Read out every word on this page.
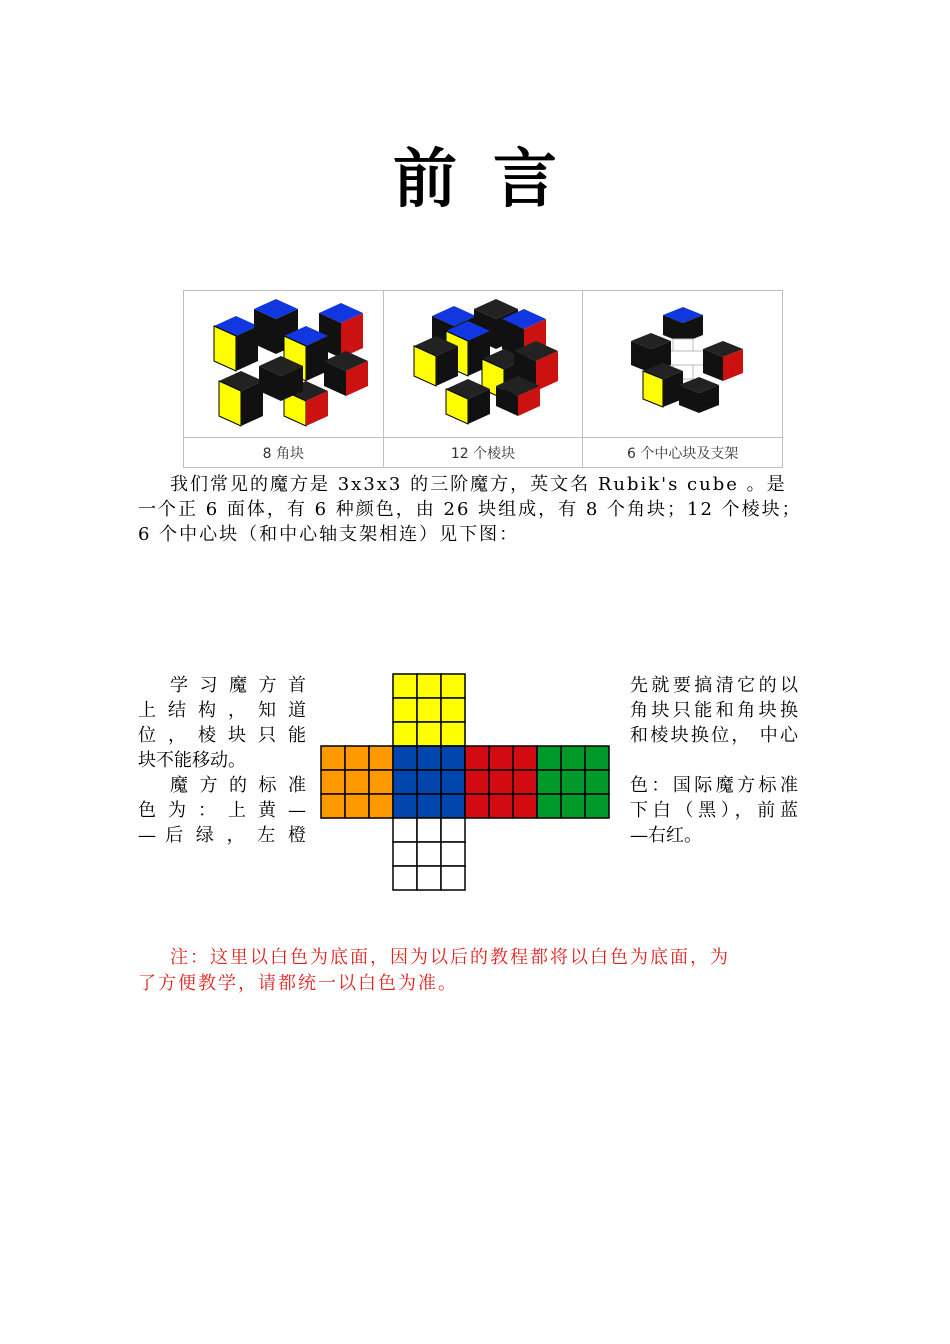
前言
8 角块	12 个棱块	6 个中心块及支架
我们常见的魔方是 3x3x3 的三阶魔方，英文名 Rubik's cube 。是
一个正 6 面体，有 6 种颜色，由 26 块组成，有 8 个角块；12 个棱块；
6 个中心块（和中心轴支架相连）见下图：

学 习 魔 方 首

上 结 构 ， 知 道

位 ， 棱 块 只 能

块不能移动。

魔 方 的 标 准

色 为 ： 上 黄 —

— 后 绿 ， 左 橙

先就要搞清它的以

角块只能和角块换

和棱块换位， 中心

色：国际魔方标准

下白（黑），前蓝

—右红。

注：这里以白色为底面，因为以后的教程都将以白色为底面，为
了方便教学，请都统一以白色为准。
